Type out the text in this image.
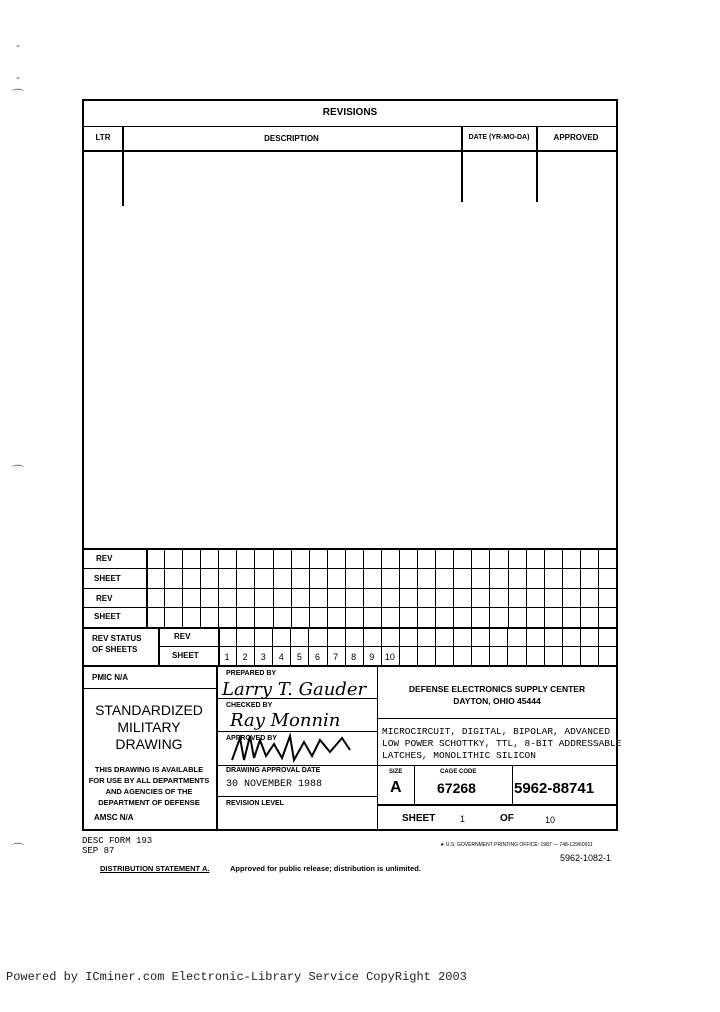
-
-
⌒
⌒
⌒
REVISIONS
LTR	DESCRIPTION	DATE (YR-MO-DA)	APPROVED
REV
SHEET
REV
SHEET
REV STATUS
OF SHEETS
REV
SHEET	1	2	3	4	5	6	7	8	9	10
PMIC N/A
STANDARDIZED
MILITARY
DRAWING
THIS DRAWING IS AVAILABLE
FOR USE BY ALL DEPARTMENTS
AND AGENCIES OF THE
DEPARTMENT OF DEFENSE
AMSC N/A
PREPARED BY
Larry T. Gauder
CHECKED BY
Ray Monnin
APPROVED BY
DRAWING APPROVAL DATE
30 NOVEMBER 1988
REVISION LEVEL
DEFENSE ELECTRONICS SUPPLY CENTER
DAYTON, OHIO 45444
MICROCIRCUIT, DIGITAL, BIPOLAR, ADVANCED
LOW POWER SCHOTTKY, TTL, 8-BIT ADDRESSABLE
LATCHES, MONOLITHIC SILICON
SIZE
A
CAGE CODE
67268	5962-88741
SHEET	1	OF	10
DESC FORM 193
SEP 87
★ U.S. GOVERNMENT PRINTING OFFICE: 1987 — 748-129/60911
5962-1082-1
DISTRIBUTION STATEMENT A.	Approved for public release; distribution is unlimited.
Powered by ICminer.com Electronic-Library Service CopyRight 2003
